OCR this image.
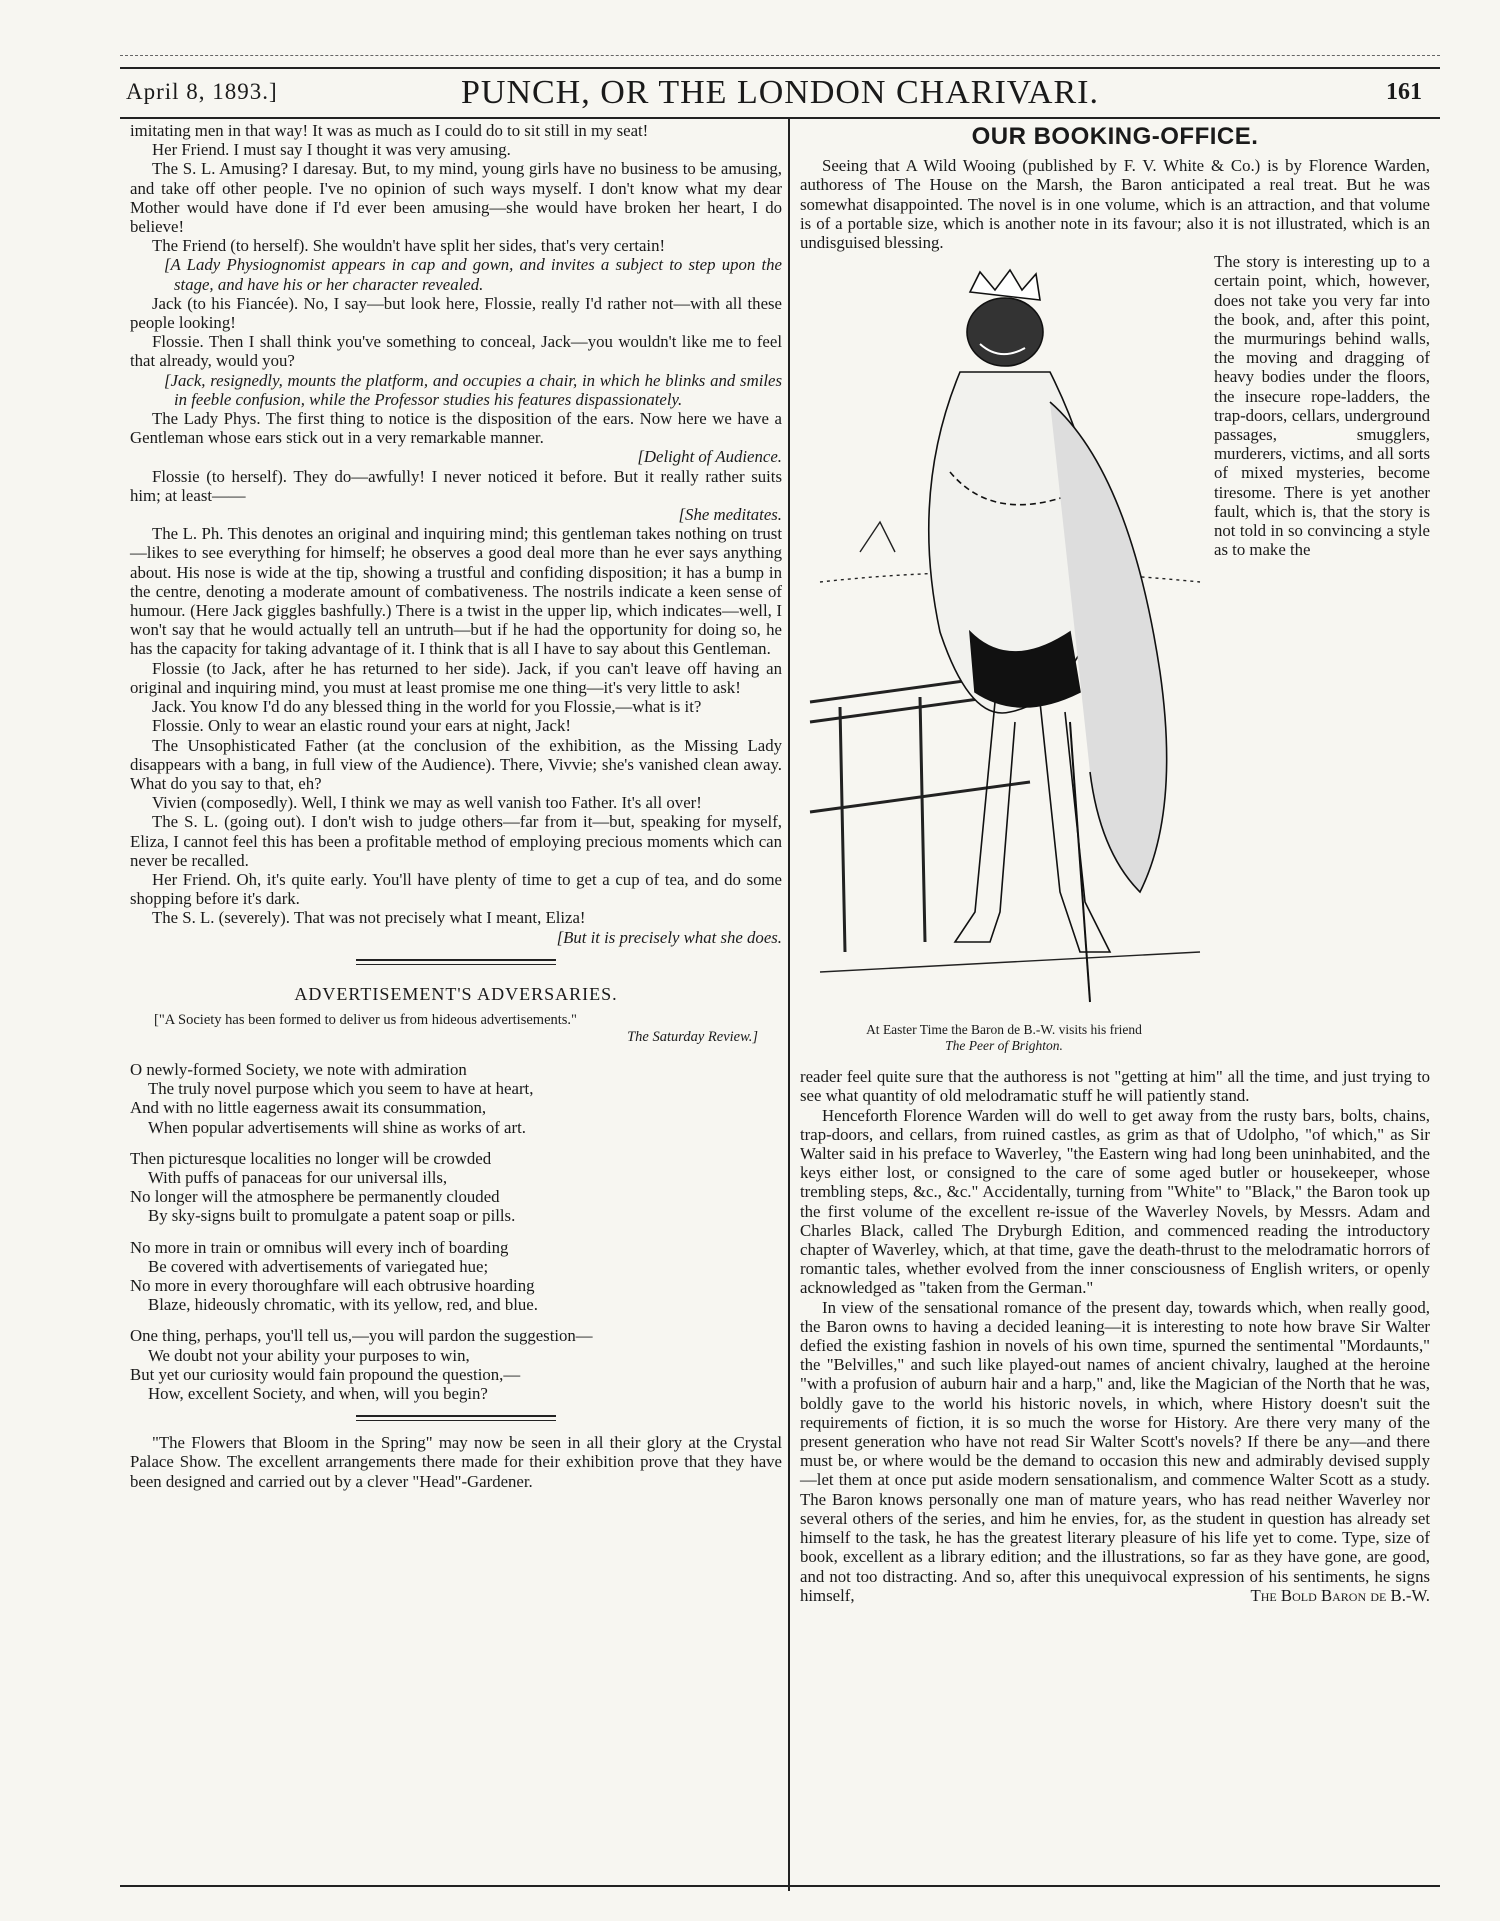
April 8, 1893.]	PUNCH, OR THE LONDON CHARIVARI.	161

imitating men in that way! It was as much as I could do to sit still in my seat!

Her Friend. I must say I thought it was very amusing.

The S. L. Amusing? I daresay. But, to my mind, young girls have no business to be amusing, and take off other people. I've no opinion of such ways myself. I don't know what my dear Mother would have done if I'd ever been amusing—she would have broken her heart, I do believe!

The Friend (to herself). She wouldn't have split her sides, that's very certain!

[A Lady Physiognomist appears in cap and gown, and invites a subject to step upon the stage, and have his or her character revealed.

Jack (to his Fiancée). No, I say—but look here, Flossie, really I'd rather not—with all these people looking!

Flossie. Then I shall think you've something to conceal, Jack—you wouldn't like me to feel that already, would you?

[Jack, resignedly, mounts the platform, and occupies a chair, in which he blinks and smiles in feeble confusion, while the Professor studies his features dispassionately.

The Lady Phys. The first thing to notice is the disposition of the ears. Now here we have a Gentleman whose ears stick out in a very remarkable manner.

[Delight of Audience.

Flossie (to herself). They do—awfully! I never noticed it before. But it really rather suits him; at least——

[She meditates.

The L. Ph. This denotes an original and inquiring mind; this gentleman takes nothing on trust—likes to see everything for himself; he observes a good deal more than he ever says anything about. His nose is wide at the tip, showing a trustful and confiding disposition; it has a bump in the centre, denoting a moderate amount of combativeness. The nostrils indicate a keen sense of humour. (Here Jack giggles bashfully.) There is a twist in the upper lip, which indicates—well, I won't say that he would actually tell an untruth—but if he had the opportunity for doing so, he has the capacity for taking advantage of it. I think that is all I have to say about this Gentleman.

Flossie (to Jack, after he has returned to her side). Jack, if you can't leave off having an original and inquiring mind, you must at least promise me one thing—it's very little to ask!

Jack. You know I'd do any blessed thing in the world for you Flossie,—what is it?

Flossie. Only to wear an elastic round your ears at night, Jack!

The Unsophisticated Father (at the conclusion of the exhibition, as the Missing Lady disappears with a bang, in full view of the Audience). There, Vivvie; she's vanished clean away. What do you say to that, eh?

Vivien (composedly). Well, I think we may as well vanish too Father. It's all over!

The S. L. (going out). I don't wish to judge others—far from it—but, speaking for myself, Eliza, I cannot feel this has been a profitable method of employing precious moments which can never be recalled.

Her Friend. Oh, it's quite early. You'll have plenty of time to get a cup of tea, and do some shopping before it's dark.

The S. L. (severely). That was not precisely what I meant, Eliza!

[But it is precisely what she does.

ADVERTISEMENT'S ADVERSARIES.
["A Society has been formed to deliver us from hideous advertisements."
The Saturday Review.]
O newly-formed Society, we note with admiration
The truly novel purpose which you seem to have at heart,
And with no little eagerness await its consummation,
When popular advertisements will shine as works of art.
Then picturesque localities no longer will be crowded
With puffs of panaceas for our universal ills,
No longer will the atmosphere be permanently clouded
By sky-signs built to promulgate a patent soap or pills.
No more in train or omnibus will every inch of boarding
Be covered with advertisements of variegated hue;
No more in every thoroughfare will each obtrusive hoarding
Blaze, hideously chromatic, with its yellow, red, and blue.
One thing, perhaps, you'll tell us,—you will pardon the suggestion—
We doubt not your ability your purposes to win,
But yet our curiosity would fain propound the question,—
How, excellent Society, and when, will you begin?

"The Flowers that Bloom in the Spring" may now be seen in all their glory at the Crystal Palace Show. The excellent arrangements there made for their exhibition prove that they have been designed and carried out by a clever "Head"-Gardener.

OUR BOOKING-OFFICE.

Seeing that A Wild Wooing (published by F. V. White & Co.) is by Florence Warden, authoress of The House on the Marsh, the Baron anticipated a real treat. But he was somewhat disappointed. The novel is in one volume, which is an attraction, and that volume is of a portable size, which is another note in its favour; also it is not illustrated, which is an undisguised blessing.

At Easter Time the Baron de B.-W. visits his friend
The Peer of Brighton.

The story is interesting up to a certain point, which, however, does not take you very far into the book, and, after this point, the murmurings behind walls, the moving and dragging of heavy bodies under the floors, the insecure rope-ladders, the trap-doors, cellars, underground passages, smugglers, murderers, victims, and all sorts of mixed mysteries, become tiresome. There is yet another fault, which is, that the story is not told in so convincing a style as to make the

reader feel quite sure that the authoress is not "getting at him" all the time, and just trying to see what quantity of old melodramatic stuff he will patiently stand.

Henceforth Florence Warden will do well to get away from the rusty bars, bolts, chains, trap-doors, and cellars, from ruined castles, as grim as that of Udolpho, "of which," as Sir Walter said in his preface to Waverley, "the Eastern wing had long been uninhabited, and the keys either lost, or consigned to the care of some aged butler or housekeeper, whose trembling steps, &c., &c." Accidentally, turning from "White" to "Black," the Baron took up the first volume of the excellent re-issue of the Waverley Novels, by Messrs. Adam and Charles Black, called The Dryburgh Edition, and commenced reading the introductory chapter of Waverley, which, at that time, gave the death-thrust to the melodramatic horrors of romantic tales, whether evolved from the inner consciousness of English writers, or openly acknowledged as "taken from the German."

In view of the sensational romance of the present day, towards which, when really good, the Baron owns to having a decided leaning—it is interesting to note how brave Sir Walter defied the existing fashion in novels of his own time, spurned the sentimental "Mordaunts," the "Belvilles," and such like played-out names of ancient chivalry, laughed at the heroine "with a profusion of auburn hair and a harp," and, like the Magician of the North that he was, boldly gave to the world his historic novels, in which, where History doesn't suit the requirements of fiction, it is so much the worse for History. Are there very many of the present generation who have not read Sir Walter Scott's novels? If there be any—and there must be, or where would be the demand to occasion this new and admirably devised supply—let them at once put aside modern sensationalism, and commence Walter Scott as a study. The Baron knows personally one man of mature years, who has read neither Waverley nor several others of the series, and him he envies, for, as the student in question has already set himself to the task, he has the greatest literary pleasure of his life yet to come. Type, size of book, excellent as a library edition; and the illustrations, so far as they have gone, are good, and not too distracting. And so, after this unequivocal expression of his sentiments, he signs himself,	The Bold Baron de B.-W.
